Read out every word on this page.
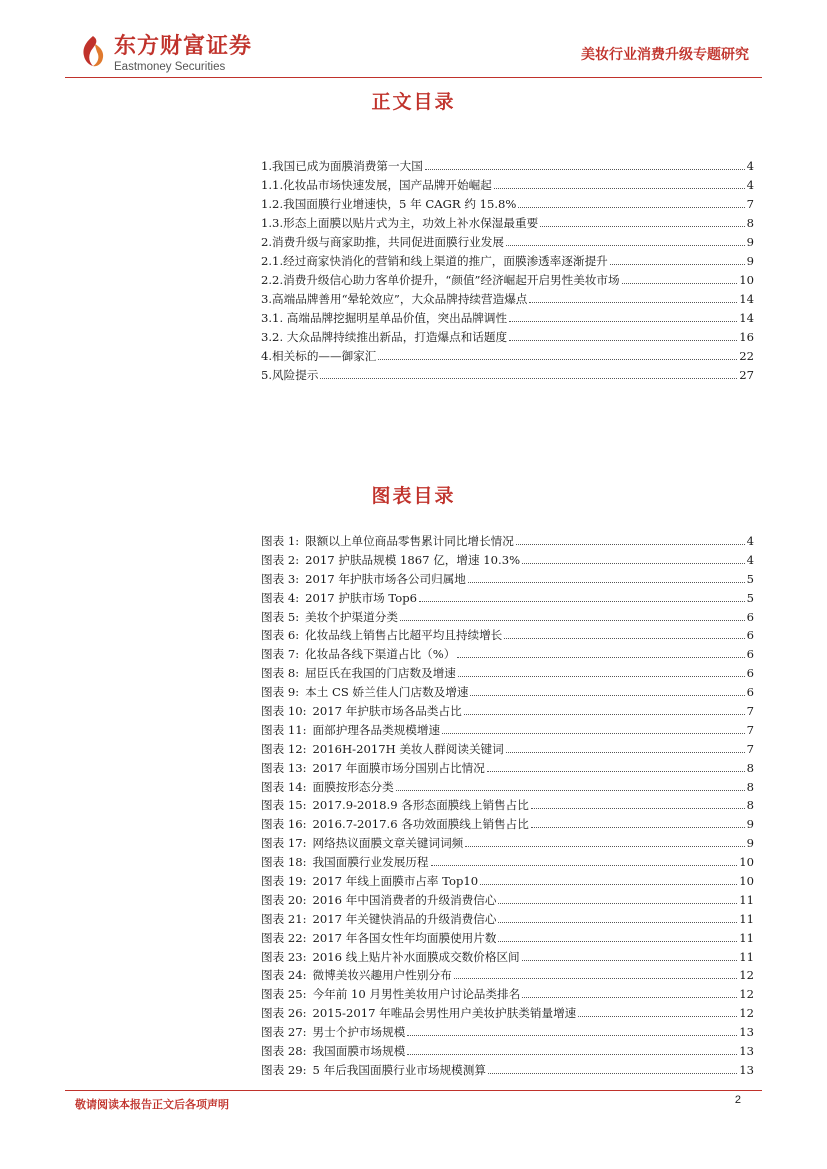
东方财富证券
Eastmoney Securities
美妆行业消费升级专题研究
正文目录
1.我国已成为面膜消费第一大国	4
1.1.化妆品市场快速发展，国产品牌开始崛起	4
1.2.我国面膜行业增速快，5 年 CAGR 约 15.8%	7
1.3.形态上面膜以贴片式为主，功效上补水保湿最重要	8
2.消费升级与商家助推，共同促进面膜行业发展	9
2.1.经过商家快消化的营销和线上渠道的推广，面膜渗透率逐渐提升	9
2.2.消费升级信心助力客单价提升，“颜值”经济崛起开启男性美妆市场	10
3.高端品牌善用“晕轮效应”，大众品牌持续营造爆点	14
3.1. 高端品牌挖掘明星单品价值，突出品牌调性	14
3.2. 大众品牌持续推出新品，打造爆点和话题度	16
4.相关标的——御家汇	22
5.风险提示	27
图表目录
图表 1: 限额以上单位商品零售累计同比增长情况	4
图表 2: 2017 护肤品规模 1867 亿，增速 10.3%	4
图表 3: 2017 年护肤市场各公司归属地	5
图表 4: 2017 护肤市场 Top6	5
图表 5: 美妆个护渠道分类	6
图表 6: 化妆品线上销售占比超平均且持续增长	6
图表 7: 化妆品各线下渠道占比（%）	6
图表 8: 屈臣氏在我国的门店数及增速	6
图表 9: 本土 CS 娇兰佳人门店数及增速	6
图表 10: 2017 年护肤市场各品类占比	7
图表 11: 面部护理各品类规模增速	7
图表 12: 2016H-2017H 美妆人群阅读关键词	7
图表 13: 2017 年面膜市场分国别占比情况	8
图表 14: 面膜按形态分类	8
图表 15: 2017.9-2018.9 各形态面膜线上销售占比	8
图表 16: 2016.7-2017.6 各功效面膜线上销售占比	9
图表 17: 网络热议面膜文章关键词词频	9
图表 18: 我国面膜行业发展历程	10
图表 19: 2017 年线上面膜市占率 Top10	10
图表 20: 2016 年中国消费者的升级消费信心	11
图表 21: 2017 年关键快消品的升级消费信心	11
图表 22: 2017 年各国女性年均面膜使用片数	11
图表 23: 2016 线上贴片补水面膜成交数价格区间	11
图表 24: 微博美妆兴趣用户性别分布	12
图表 25: 今年前 10 月男性美妆用户讨论品类排名	12
图表 26: 2015-2017 年唯品会男性用户美妆护肤类销量增速	12
图表 27: 男士个护市场规模	13
图表 28: 我国面膜市场规模	13
图表 29: 5 年后我国面膜行业市场规模测算	13
敬请阅读本报告正文后各项声明	2
